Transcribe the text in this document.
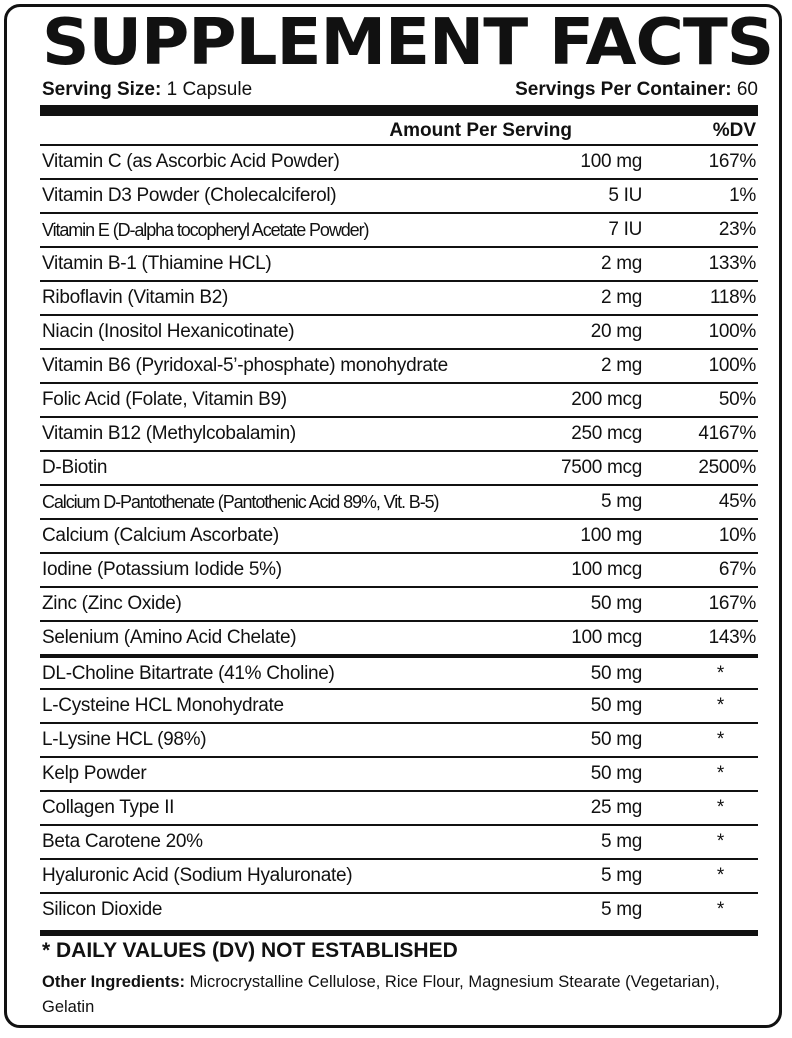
SUPPLEMENT FACTS
Serving Size: 1 Capsule	Servings Per Container: 60
Amount Per Serving	%DV
Vitamin C (as Ascorbic Acid Powder)	100 mg	167%
Vitamin D3 Powder (Cholecalciferol)	5 IU	1%
Vitamin E (D-alpha tocopheryl Acetate Powder)	7 IU	23%
Vitamin B-1 (Thiamine HCL)	2 mg	133%
Riboflavin (Vitamin B2)	2 mg	118%
Niacin (Inositol Hexanicotinate)	20 mg	100%
Vitamin B6 (Pyridoxal-5’-phosphate) monohydrate	2 mg	100%
Folic Acid (Folate, Vitamin B9)	200 mcg	50%
Vitamin B12 (Methylcobalamin)	250 mcg	4167%
D-Biotin	7500 mcg	2500%
Calcium D-Pantothenate (Pantothenic Acid 89%, Vit. B-5)	5 mg	45%
Calcium (Calcium Ascorbate)	100 mg	10%
Iodine (Potassium Iodide 5%)	100 mcg	67%
Zinc (Zinc Oxide)	50 mg	167%
Selenium (Amino Acid Chelate)	100 mcg	143%
DL-Choline Bitartrate (41% Choline)	50 mg	*
L-Cysteine HCL Monohydrate	50 mg	*
L-Lysine HCL (98%)	50 mg	*
Kelp Powder	50 mg	*
Collagen Type II	25 mg	*
Beta Carotene 20%	5 mg	*
Hyaluronic Acid (Sodium Hyaluronate)	5 mg	*
Silicon Dioxide	5 mg	*
* DAILY VALUES (DV) NOT ESTABLISHED
Other Ingredients: Microcrystalline Cellulose, Rice Flour, Magnesium Stearate (Vegetarian), Gelatin
